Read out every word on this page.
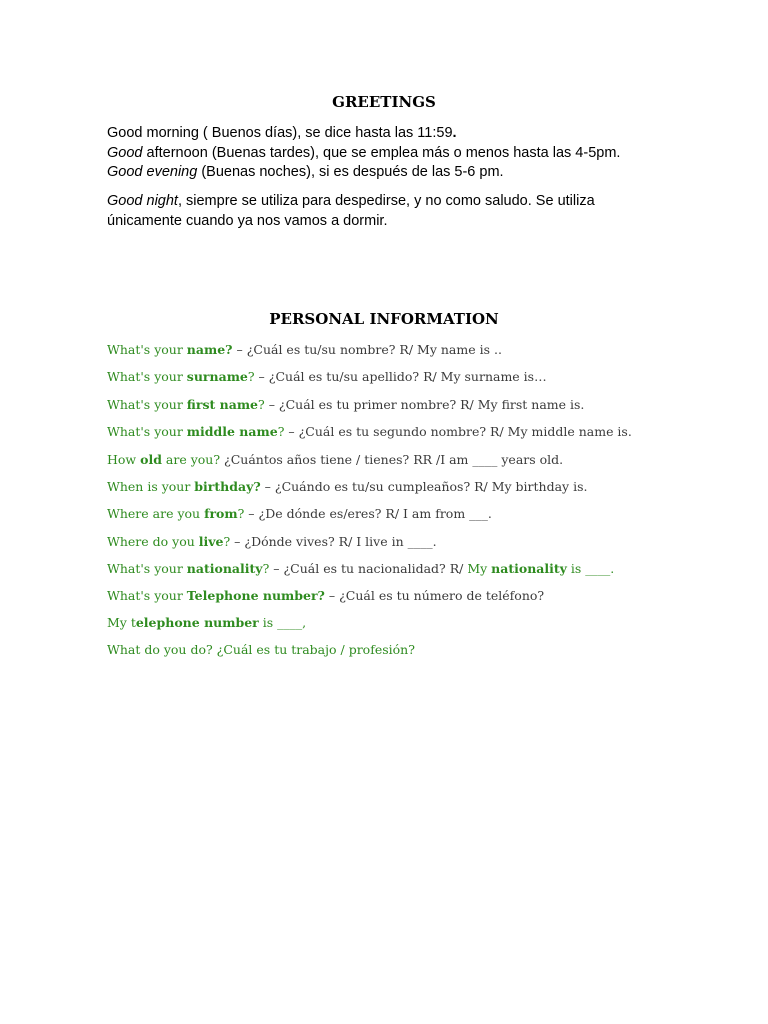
GREETINGS

Good morning ( Buenos días), se dice hasta las 11:59.

Good afternoon (Buenas tardes), que se emplea más o menos hasta las 4-5pm.

Good evening (Buenas noches), si es después de las 5-6 pm.

Good night, siempre se utiliza para despedirse, y no como saludo. Se utiliza únicamente cuando ya nos vamos a dormir.

PERSONAL INFORMATION

What's your name? – ¿Cuál es tu/su nombre? R/ My name is ..

What's your surname? – ¿Cuál es tu/su apellido? R/ My surname is…

What's your first name? – ¿Cuál es tu primer nombre? R/ My first name is.

What's your middle name? – ¿Cuál es tu segundo nombre? R/ My middle name is.

How old are you? ¿Cuántos años tiene / tienes? RR /I am ____ years old.

When is your birthday? – ¿Cuándo es tu/su cumpleaños? R/ My birthday is.

Where are you from? – ¿De dónde es/eres? R/ I am from ___.

Where do you live? – ¿Dónde vives? R/ I live in ____.

What's your nationality? – ¿Cuál es tu nacionalidad? R/ My nationality is ____.

What's your Telephone number? – ¿Cuál es tu número de teléfono?

My telephone number is ____,

What do you do? ¿Cuál es tu trabajo / profesión?
